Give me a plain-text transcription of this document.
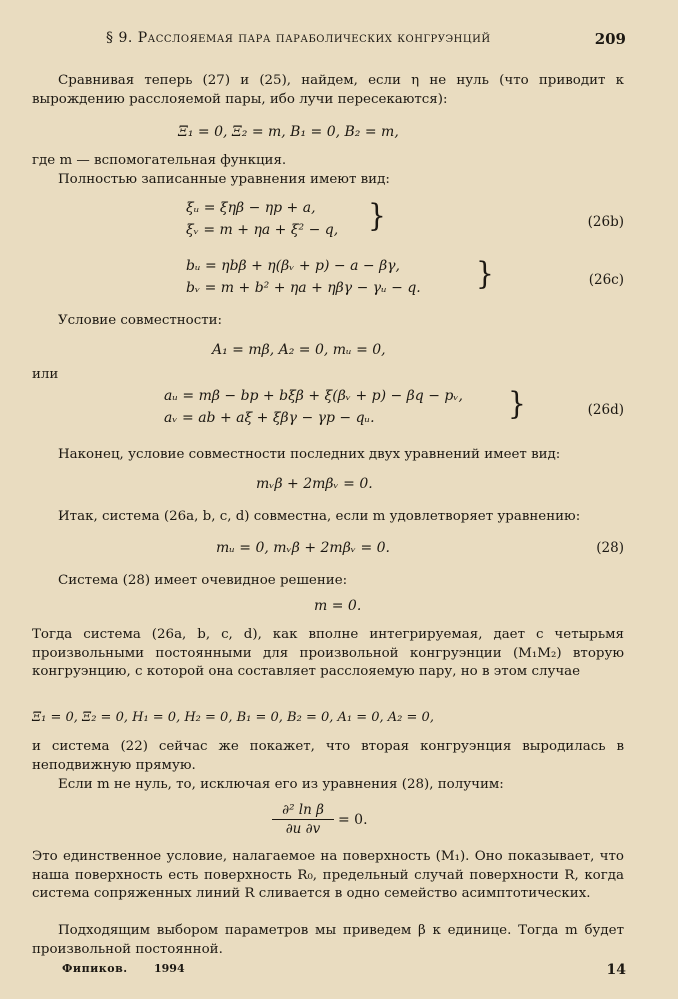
§ 9. Расслояемая пара параболических конгруэнций	209

Сравнивая теперь (27) и (25), найдем, если η не нуль (что приводит к вырождению расслояемой пары, ибо лучи пересекаются):

Ξ₁ = 0, Ξ₂ = m, B₁ = 0, B₂ = m,

где m — вспомогательная функция.

Полностью записанные уравнения имеют вид:

ξᵤ = ξηβ − ηp + a,
ξᵥ = m + ηa + ξ² − q, }	(26b)
bᵤ = ηbβ + η(βᵥ + p) − a − βγ,
bᵥ = m + b² + ηa + ηβγ − γᵤ − q. }	(26c)

Условие совместности:

A₁ = mβ, A₂ = 0, mᵤ = 0,

или

aᵤ = mβ − bp + bξβ + ξ(βᵥ + p) − βq − pᵥ,
aᵥ = ab + aξ + ξβγ − γp − qᵤ.	}	(26d)

Наконец, условие совместности последних двух уравнений имеет вид:

mᵥβ + 2mβᵥ = 0.

Итак, система (26a, b, c, d) совместна, если m удовлетворяет уравнению:

mᵤ = 0, mᵥβ + 2mβᵥ = 0.	(28)

Система (28) имеет очевидное решение:

m = 0.

Тогда система (26a, b, c, d), как вполне интегрируемая, дает с четырьмя произвольными постоянными для произвольной конгруэнции (M₁M₂) вторую конгруэнцию, с которой она составляет расслояемую пару, но в этом случае

Ξ₁ = 0, Ξ₂ = 0, H₁ = 0, H₂ = 0, B₁ = 0, B₂ = 0, A₁ = 0, A₂ = 0,

и система (22) сейчас же покажет, что вторая конгруэнция выродилась в неподвижную прямую.

Если m не нуль, то, исключая его из уравнения (28), получим:

∂² ln β
∂u ∂v
= 0.

Это единственное условие, налагаемое на поверхность (M₁). Оно показывает, что наша поверхность есть поверхность R₀, предельный случай поверхности R, когда система сопряженных линий R сливается в одно семейство асимптотических.

Подходящим выбором параметров мы приведем β к единице. Тогда m будет произвольной постоянной.

Фипиков. 1994	14
